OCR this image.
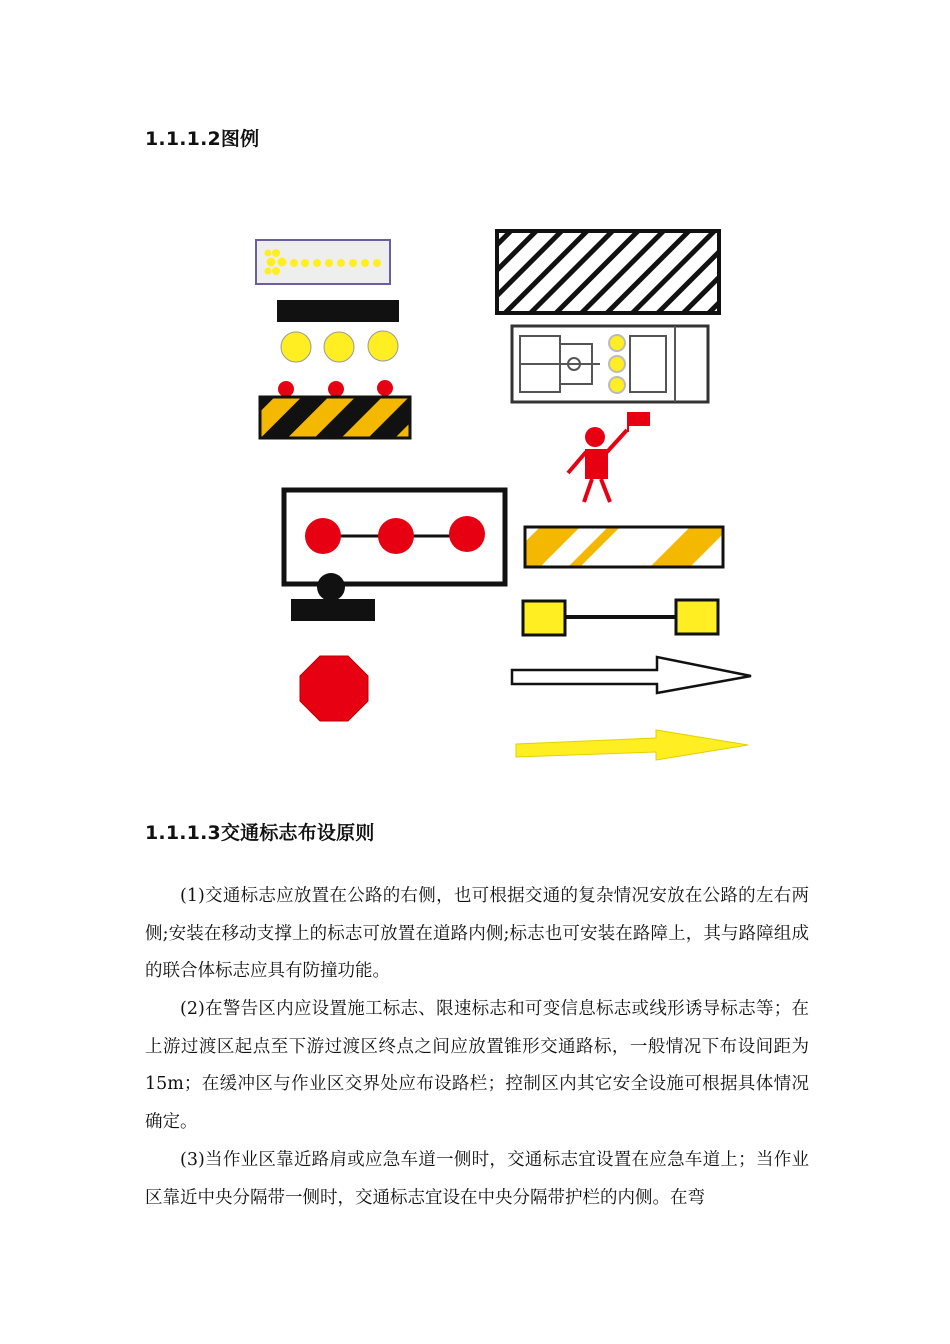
1.1.1.2图例
1.1.1.3交通标志布设原则

(1)交通标志应放置在公路的右侧，也可根据交通的复杂情况安放在公路的左右两侧;安装在移动支撑上的标志可放置在道路内侧;标志也可安装在路障上，其与路障组成的联合体标志应具有防撞功能。

(2)在警告区内应设置施工标志、限速标志和可变信息标志或线形诱导标志等；在上游过渡区起点至下游过渡区终点之间应放置锥形交通路标，一般情况下布设间距为15m；在缓冲区与作业区交界处应布设路栏；控制区内其它安全设施可根据具体情况确定。

(3)当作业区靠近路肩或应急车道一侧时，交通标志宜设置在应急车道上；当作业区靠近中央分隔带一侧时，交通标志宜设在中央分隔带护栏的内侧。在弯
